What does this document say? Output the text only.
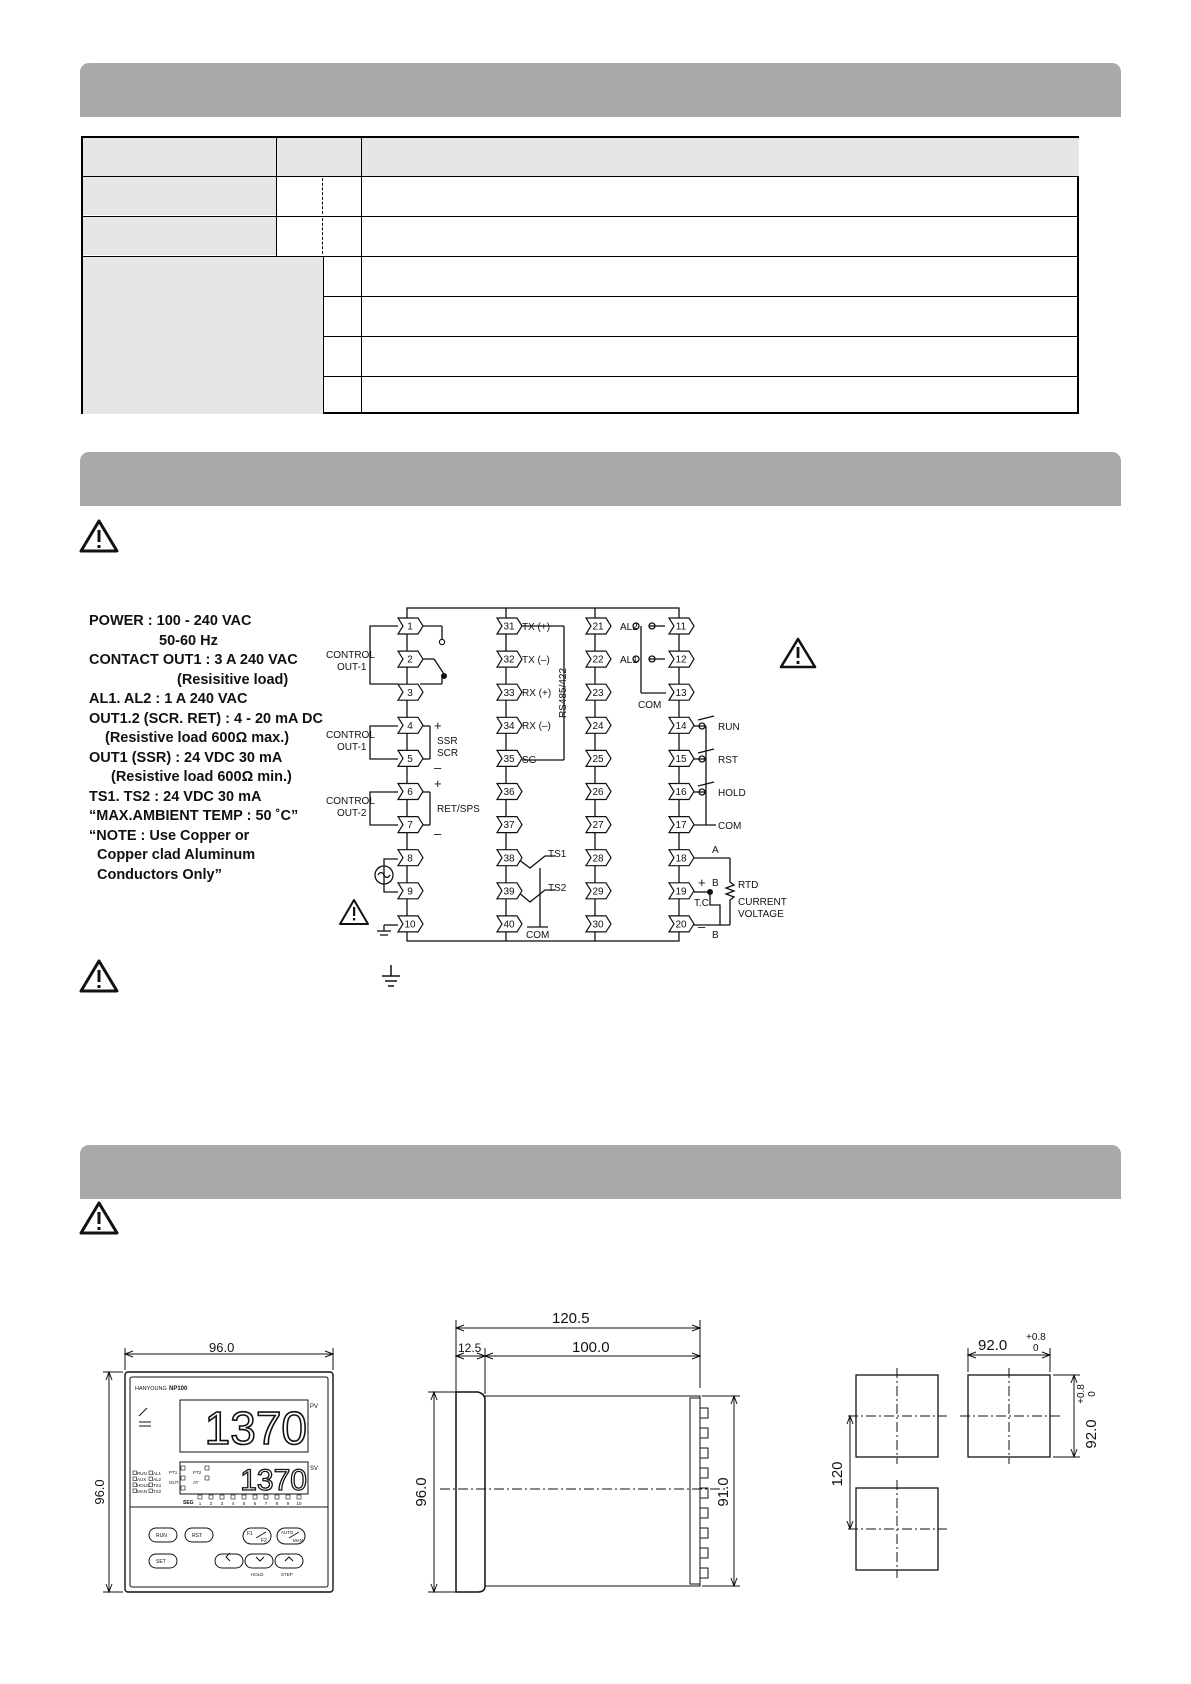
POWER : 100 - 240 VAC
50-60 Hz
CONTACT OUT1 : 3 A 240 VAC
(Resisitive load)
AL1. AL2 : 1 A 240 VAC
OUT1.2 (SCR. RET) : 4 - 20 mA DC
(Resistive load 600Ω max.)
OUT1 (SSR) : 24 VDC 30 mA
(Resistive load 600Ω min.)
TS1. TS2 : 24 VDC 30 mA
“MAX.AMBIENT TEMP : 50 ˚C”
“NOTE : Use Copper or
Copper clad Aluminum
Conductors Only”
1
2
3
4
5
6
7
8
9
10
31
32
33
34
35
36
37
38
39
40
21
22
23
24
25
26
27
28
29
30
11
12
13
14
15
16
17
18
19
20
CONTROL
OUT-1
CONTROL
OUT-1
CONTROL
OUT-2
+
SSR
SCR
–
+
RET/SPS
–
TX (+)
TX (–)
RX (+)
RX (–)
SG
RS485/422
TS1
TS2
COM
AL2
AL1
COM
RUN
RST
HOLD
COM
A
B RTD
+
T.C
–
B
CURRENT
VOLTAGE
1 2 3 4 5 6 7 8 9 10
96.0
96.0
HANYOUNG NP100
1370
1370
PV
SV
RUN
AUX
HOLD
MAN
AL1
AL2
TS1
TS2
PT1
OUT
PT2
AT
SEG
RUN	RST
SET
F1
F2
AUTO
MAN
HOLD	STEP
120.5
12.5	100.0
96.0	91.0
92.0 +0.8
0
92.0
+0.8 0
120
